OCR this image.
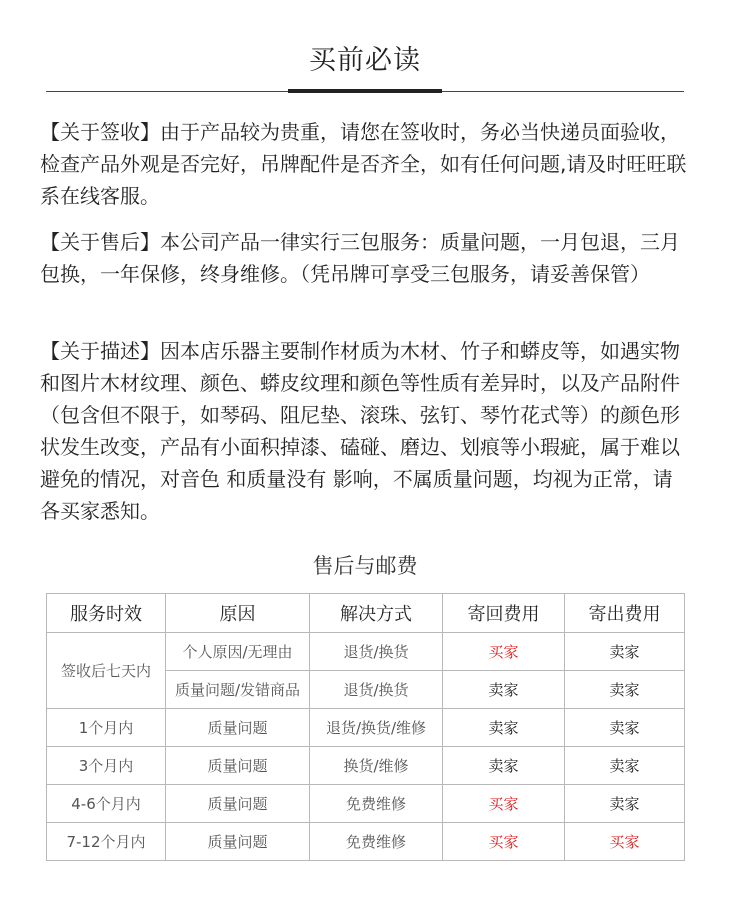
买前必读
【关于签收】由于产品较为贵重，请您在签收时，务必当快递员面验收，检查产品外观是否完好，吊牌配件是否齐全，如有任何问题,请及时旺旺联系在线客服。
【关于售后】本公司产品一律实行三包服务：质量问题，一月包退，三月包换，一年保修，终身维修。（凭吊牌可享受三包服务，请妥善保管）
【关于描述】因本店乐器主要制作材质为木材、竹子和蟒皮等，如遇实物和图片木材纹理、颜色、蟒皮纹理和颜色等性质有差异时，以及产品附件（包含但不限于，如琴码、阻尼垫、滚珠、弦钉、琴竹花式等）的颜色形状发生改变，产品有小面积掉漆、磕碰、磨边、划痕等小瑕疵，属于难以避免的情况，对音色 和质量没有 影响，不属质量问题，均视为正常，请各买家悉知。
售后与邮费
服务时效	原因	解决方式	寄回费用	寄出费用
签收后七天内	个人原因/无理由	退货/换货	买家	卖家
	质量问题/发错商品	退货/换货	卖家	卖家
1个月内	质量问题	退货/换货/维修	卖家	卖家
3个月内	质量问题	换货/维修	卖家	卖家
4-6个月内	质量问题	免费维修	买家	卖家
7-12个月内	质量问题	免费维修	买家	买家
